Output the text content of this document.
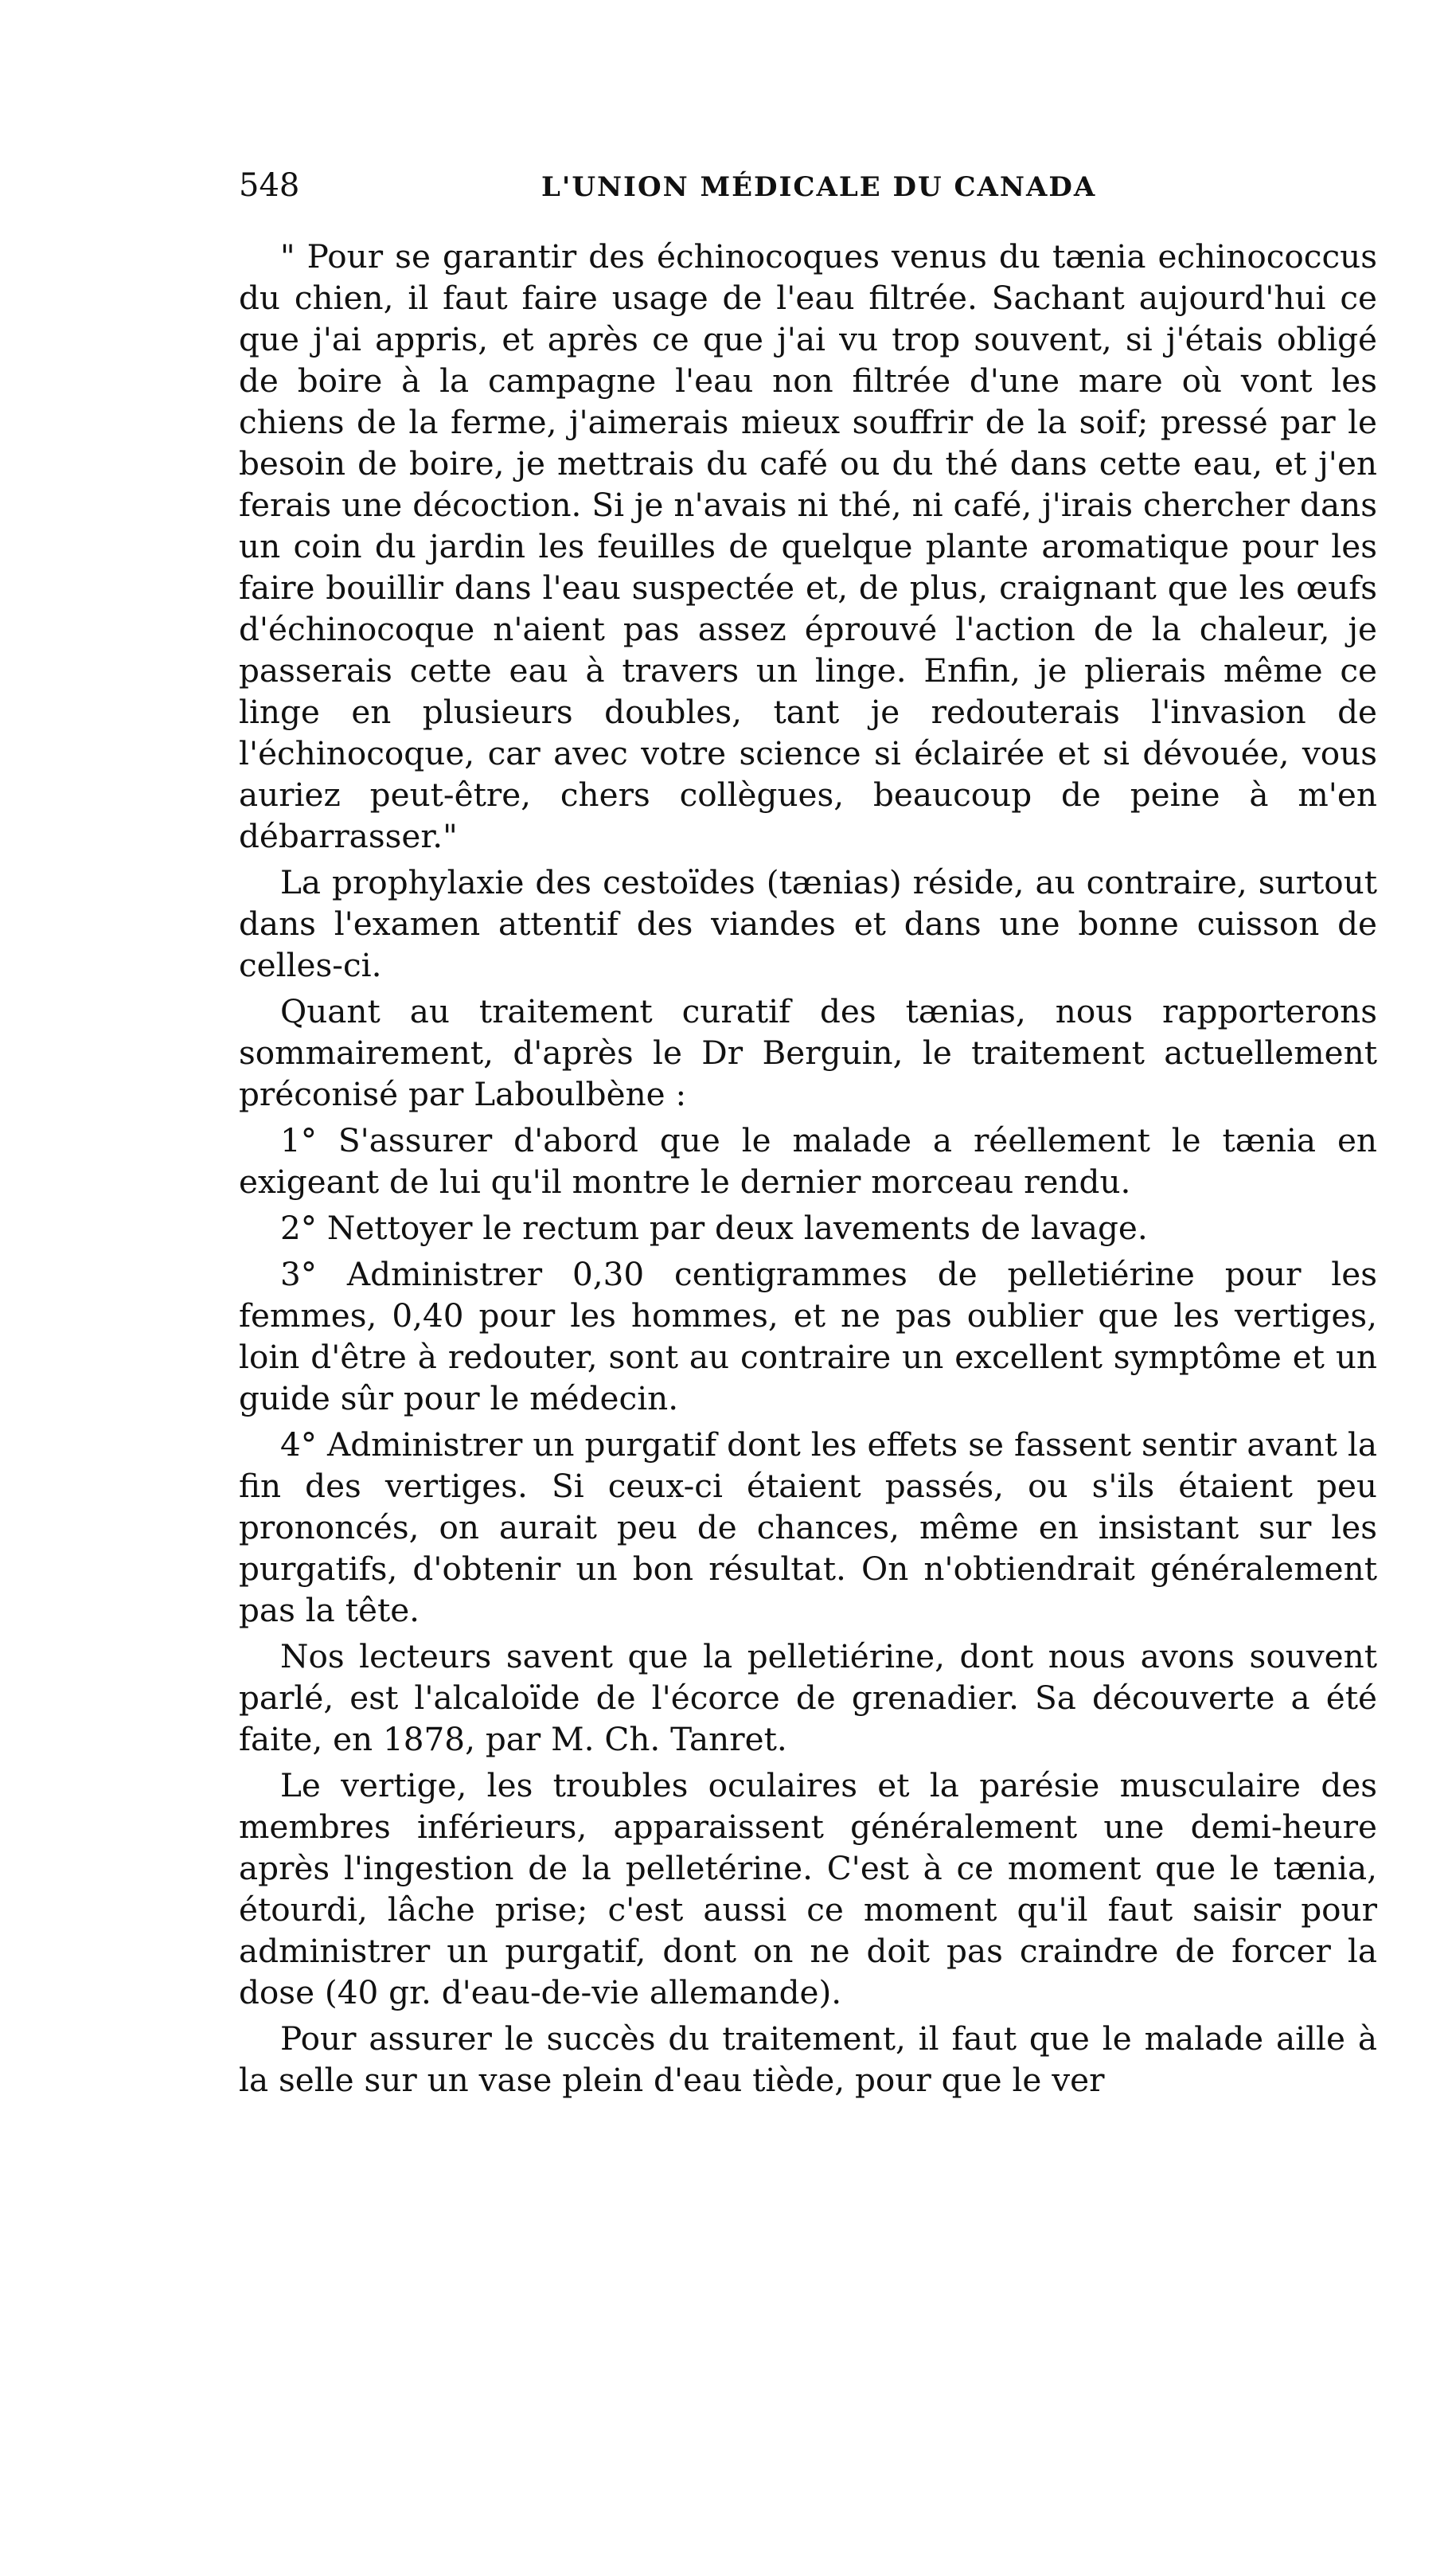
548	L'UNION MÉDICALE DU CANADA

" Pour se garantir des échinocoques venus du tænia echinococcus du chien, il faut faire usage de l'eau filtrée. Sachant aujourd'hui ce que j'ai appris, et après ce que j'ai vu trop souvent, si j'étais obligé de boire à la campagne l'eau non filtrée d'une mare où vont les chiens de la ferme, j'aimerais mieux souffrir de la soif; pressé par le besoin de boire, je mettrais du café ou du thé dans cette eau, et j'en ferais une décoction. Si je n'avais ni thé, ni café, j'irais chercher dans un coin du jardin les feuilles de quelque plante aromatique pour les faire bouillir dans l'eau suspectée et, de plus, craignant que les œufs d'échinocoque n'aient pas assez éprouvé l'action de la chaleur, je passerais cette eau à travers un linge. Enfin, je plierais même ce linge en plusieurs doubles, tant je redouterais l'invasion de l'échinocoque, car avec votre science si éclairée et si dévouée, vous auriez peut-être, chers collègues, beaucoup de peine à m'en débarrasser."

La prophylaxie des cestoïdes (tænias) réside, au contraire, surtout dans l'examen attentif des viandes et dans une bonne cuisson de celles-ci.

Quant au traitement curatif des tænias, nous rapporterons sommairement, d'après le Dr Berguin, le traitement actuellement préconisé par Laboulbène :

1° S'assurer d'abord que le malade a réellement le tænia en exigeant de lui qu'il montre le dernier morceau rendu.

2° Nettoyer le rectum par deux lavements de lavage.

3° Administrer 0,30 centigrammes de pelletiérine pour les femmes, 0,40 pour les hommes, et ne pas oublier que les vertiges, loin d'être à redouter, sont au contraire un excellent symptôme et un guide sûr pour le médecin.

4° Administrer un purgatif dont les effets se fassent sentir avant la fin des vertiges. Si ceux-ci étaient passés, ou s'ils étaient peu prononcés, on aurait peu de chances, même en insistant sur les purgatifs, d'obtenir un bon résultat. On n'obtiendrait généralement pas la tête.

Nos lecteurs savent que la pelletiérine, dont nous avons souvent parlé, est l'alcaloïde de l'écorce de grenadier. Sa découverte a été faite, en 1878, par M. Ch. Tanret.

Le vertige, les troubles oculaires et la parésie musculaire des membres inférieurs, apparaissent généralement une demi-heure après l'ingestion de la pelletérine. C'est à ce moment que le tænia, étourdi, lâche prise; c'est aussi ce moment qu'il faut saisir pour administrer un purgatif, dont on ne doit pas craindre de forcer la dose (40 gr. d'eau-de-vie allemande).

Pour assurer le succès du traitement, il faut que le malade aille à la selle sur un vase plein d'eau tiède, pour que le ver
